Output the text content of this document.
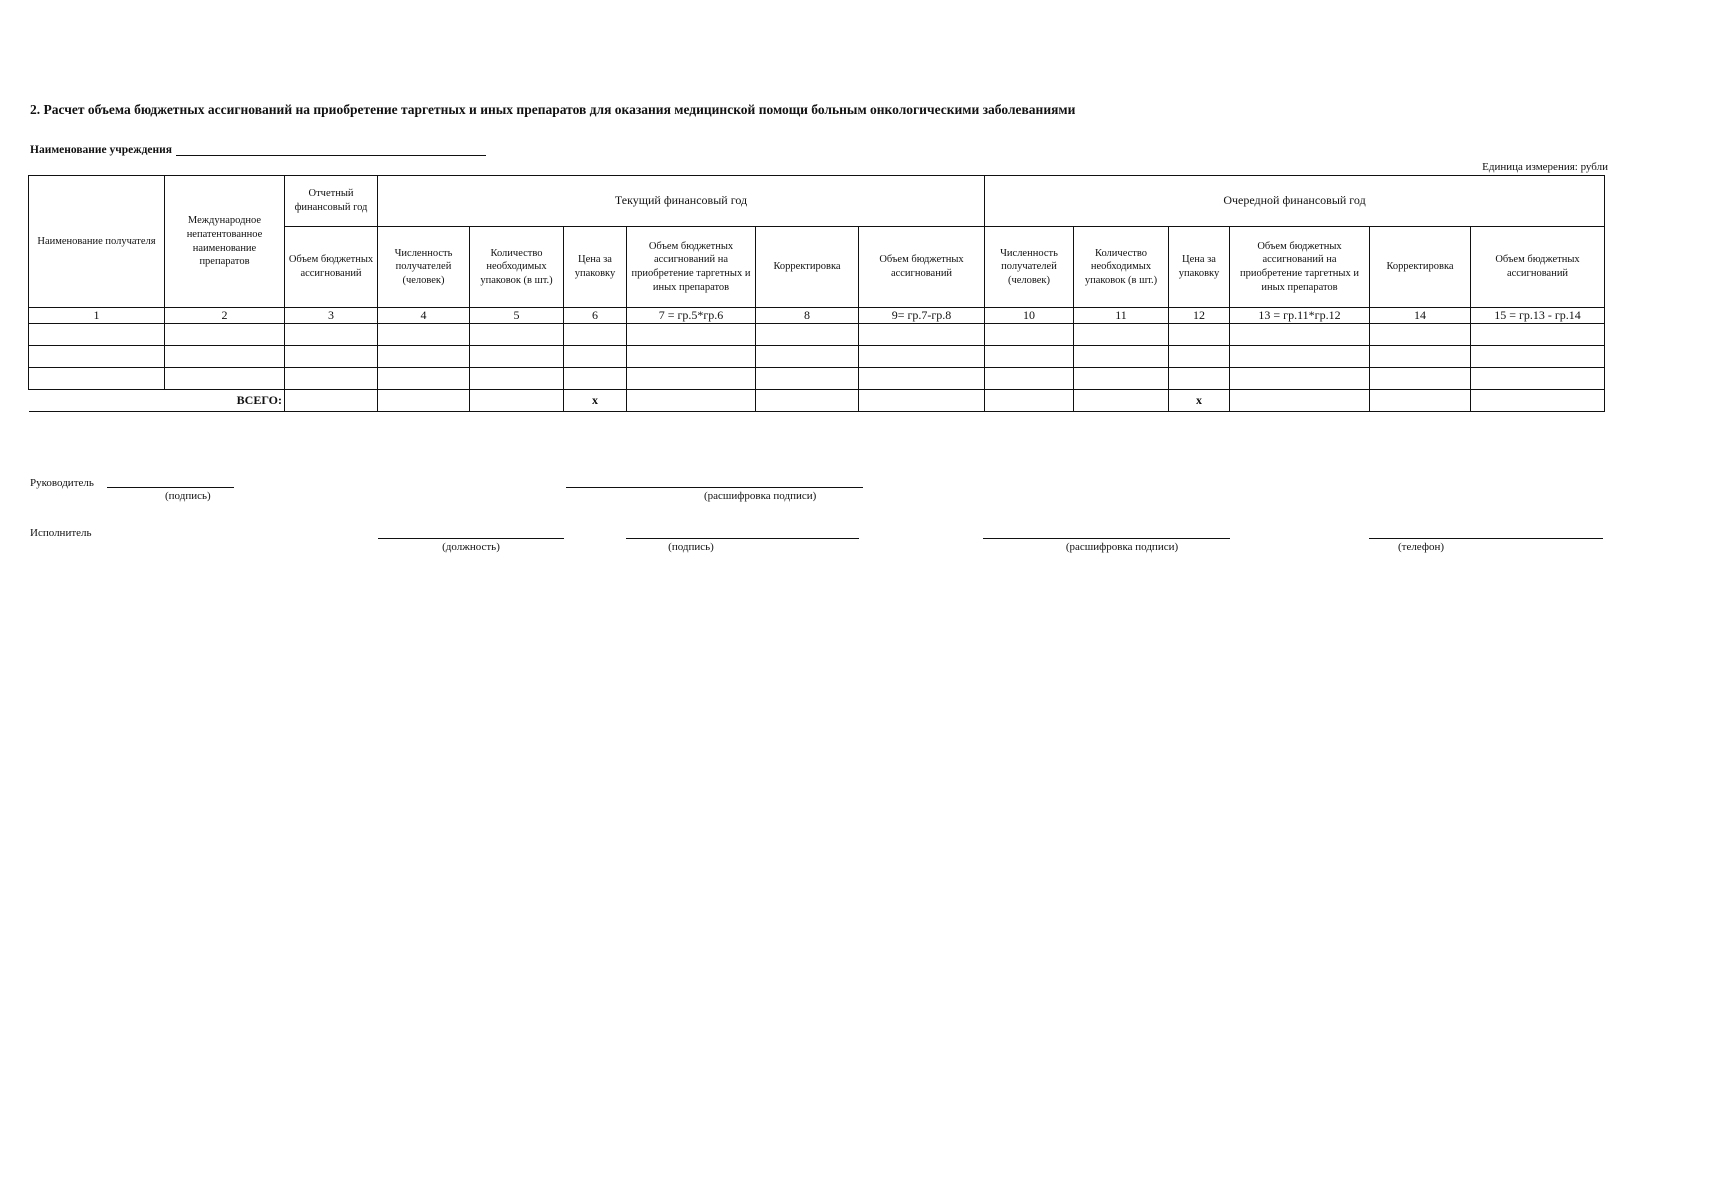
2. Расчет объема бюджетных ассигнований на приобретение таргетных и иных препаратов для оказания медицинской помощи больным онкологическими заболеваниями
Наименование учреждения
Единица измерения: рубли
Наименование получателя	Международное непатентованное наименование препаратов	Отчетный финансовый год	Текущий финансовый год						Очередной финансовый год					
		Объем бюджетных ассигнований	Численность получателей (человек)	Количество необходимых упаковок (в шт.)	Цена за упаковку	Объем бюджетных ассигнований на приобретение таргетных и иных препаратов	Корректировка	Объем бюджетных ассигнований	Численность получателей (человек)	Количество необходимых упаковок (в шт.)	Цена за упаковку	Объем бюджетных ассигнований на приобретение таргетных и иных препаратов	Корректировка	Объем бюджетных ассигнований
1	2	3	4	5	6	7 = гр.5*гр.6	8	9= гр.7-гр.8	10	11	12	13 = гр.11*гр.12	14	15 = гр.13 - гр.14

ВСЕГО:					x						x			
Руководитель
(подпись)	(расшифровка подписи)
Исполнитель
(должность)	(подпись)	(расшифровка подписи)	(телефон)
